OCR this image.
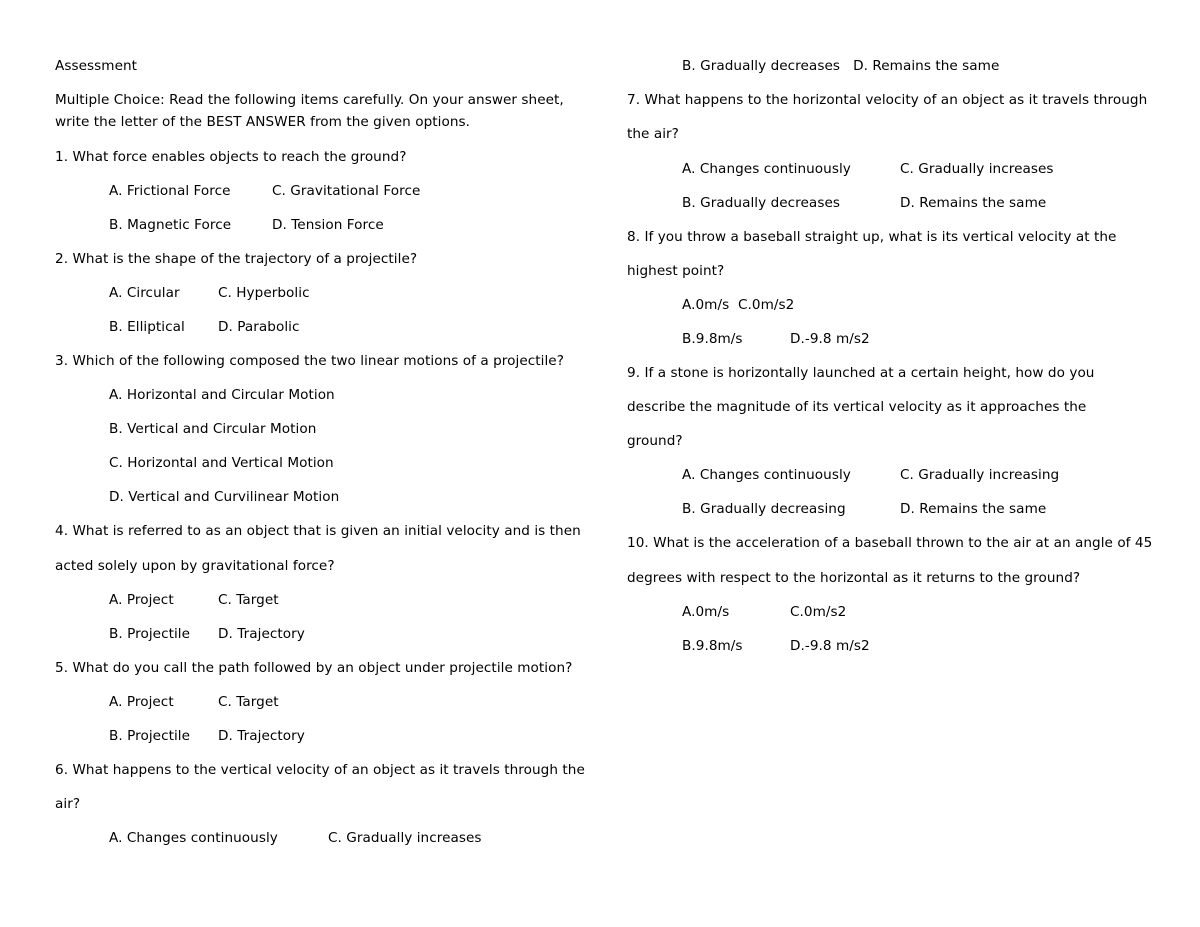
Assessment
Multiple Choice: Read the following items carefully. On your answer sheet,
write the letter of the BEST ANSWER from the given options.
1. What force enables objects to reach the ground?
A. Frictional Force	C. Gravitational Force
B. Magnetic Force	D. Tension Force
2. What is the shape of the trajectory of a projectile?
A. Circular	C. Hyperbolic
B. Elliptical D. Parabolic
3. Which of the following composed the two linear motions of a projectile?
A. Horizontal and Circular Motion
B. Vertical and Circular Motion
C. Horizontal and Vertical Motion
D. Vertical and Curvilinear Motion
4. What is referred to as an object that is given an initial velocity and is then
acted solely upon by gravitational force?
A. Project	C. Target
B. Projectile D. Trajectory
5. What do you call the path followed by an object under projectile motion?
A. Project	C. Target
B. Projectile D. Trajectory
6. What happens to the vertical velocity of an object as it travels through the
air?
A. Changes continuously	C. Gradually increases
B. Gradually decreases   D. Remains the same
7. What happens to the horizontal velocity of an object as it travels through
the air?
A. Changes continuously	C. Gradually increases
B. Gradually decreases	D. Remains the same
8. If you throw a baseball straight up, what is its vertical velocity at the
highest point?
A.0m/s  C.0m/s2
B.9.8m/s	D.-9.8 m/s2
9. If a stone is horizontally launched at a certain height, how do you
describe the magnitude of its vertical velocity as it approaches the
ground?
A. Changes continuously	C. Gradually increasing
B. Gradually decreasing	D. Remains the same
10. What is the acceleration of a baseball thrown to the air at an angle of 45
degrees with respect to the horizontal as it returns to the ground?
A.0m/s	C.0m/s2
B.9.8m/s	D.-9.8 m/s2
